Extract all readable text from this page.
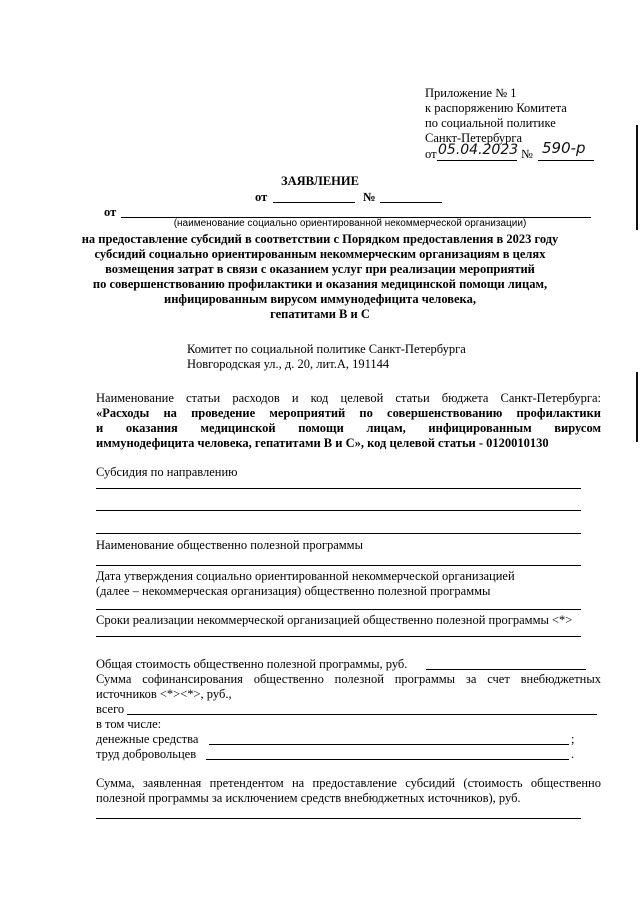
Приложение № 1
к распоряжению Комитета
по социальной политике
Санкт-Петербурга
от 05.04.2023 № 590-р
ЗАЯВЛЕНИЕ
от	№
от
(наименование социально ориентированной некоммерческой организации)
на предоставление субсидий в соответствии с Порядком предоставления в 2023 году
субсидий социально ориентированным некоммерческим организациям в целях
возмещения затрат в связи с оказанием услуг при реализации мероприятий
по совершенствованию профилактики и оказания медицинской помощи лицам,
инфицированным вирусом иммунодефицита человека,
гепатитами В и С
Комитет по социальной политике Санкт-Петербурга
Новгородская ул., д. 20, лит.А, 191144
Наименование статьи расходов и код целевой статьи бюджета Санкт-Петербурга:
«Расходы на проведение мероприятий по совершенствованию профилактики
и оказания медицинской помощи лицам, инфицированным вирусом
иммунодефицита человека, гепатитами В и С», код целевой статьи - 0120010130
Субсидия по направлению
Наименование общественно полезной программы
Дата утверждения социально ориентированной некоммерческой организацией
(далее – некоммерческая организация) общественно полезной программы
Сроки реализации некоммерческой организацией общественно полезной программы <*>
Общая стоимость общественно полезной программы, руб.
Сумма софинансирования общественно полезной программы за счет внебюджетных
источников <*><*>, руб.,
всего
в том числе:
денежные средства	;
труд добровольцев	.
Сумма, заявленная претендентом на предоставление субсидий (стоимость общественно
полезной программы за исключением средств внебюджетных источников), руб.
